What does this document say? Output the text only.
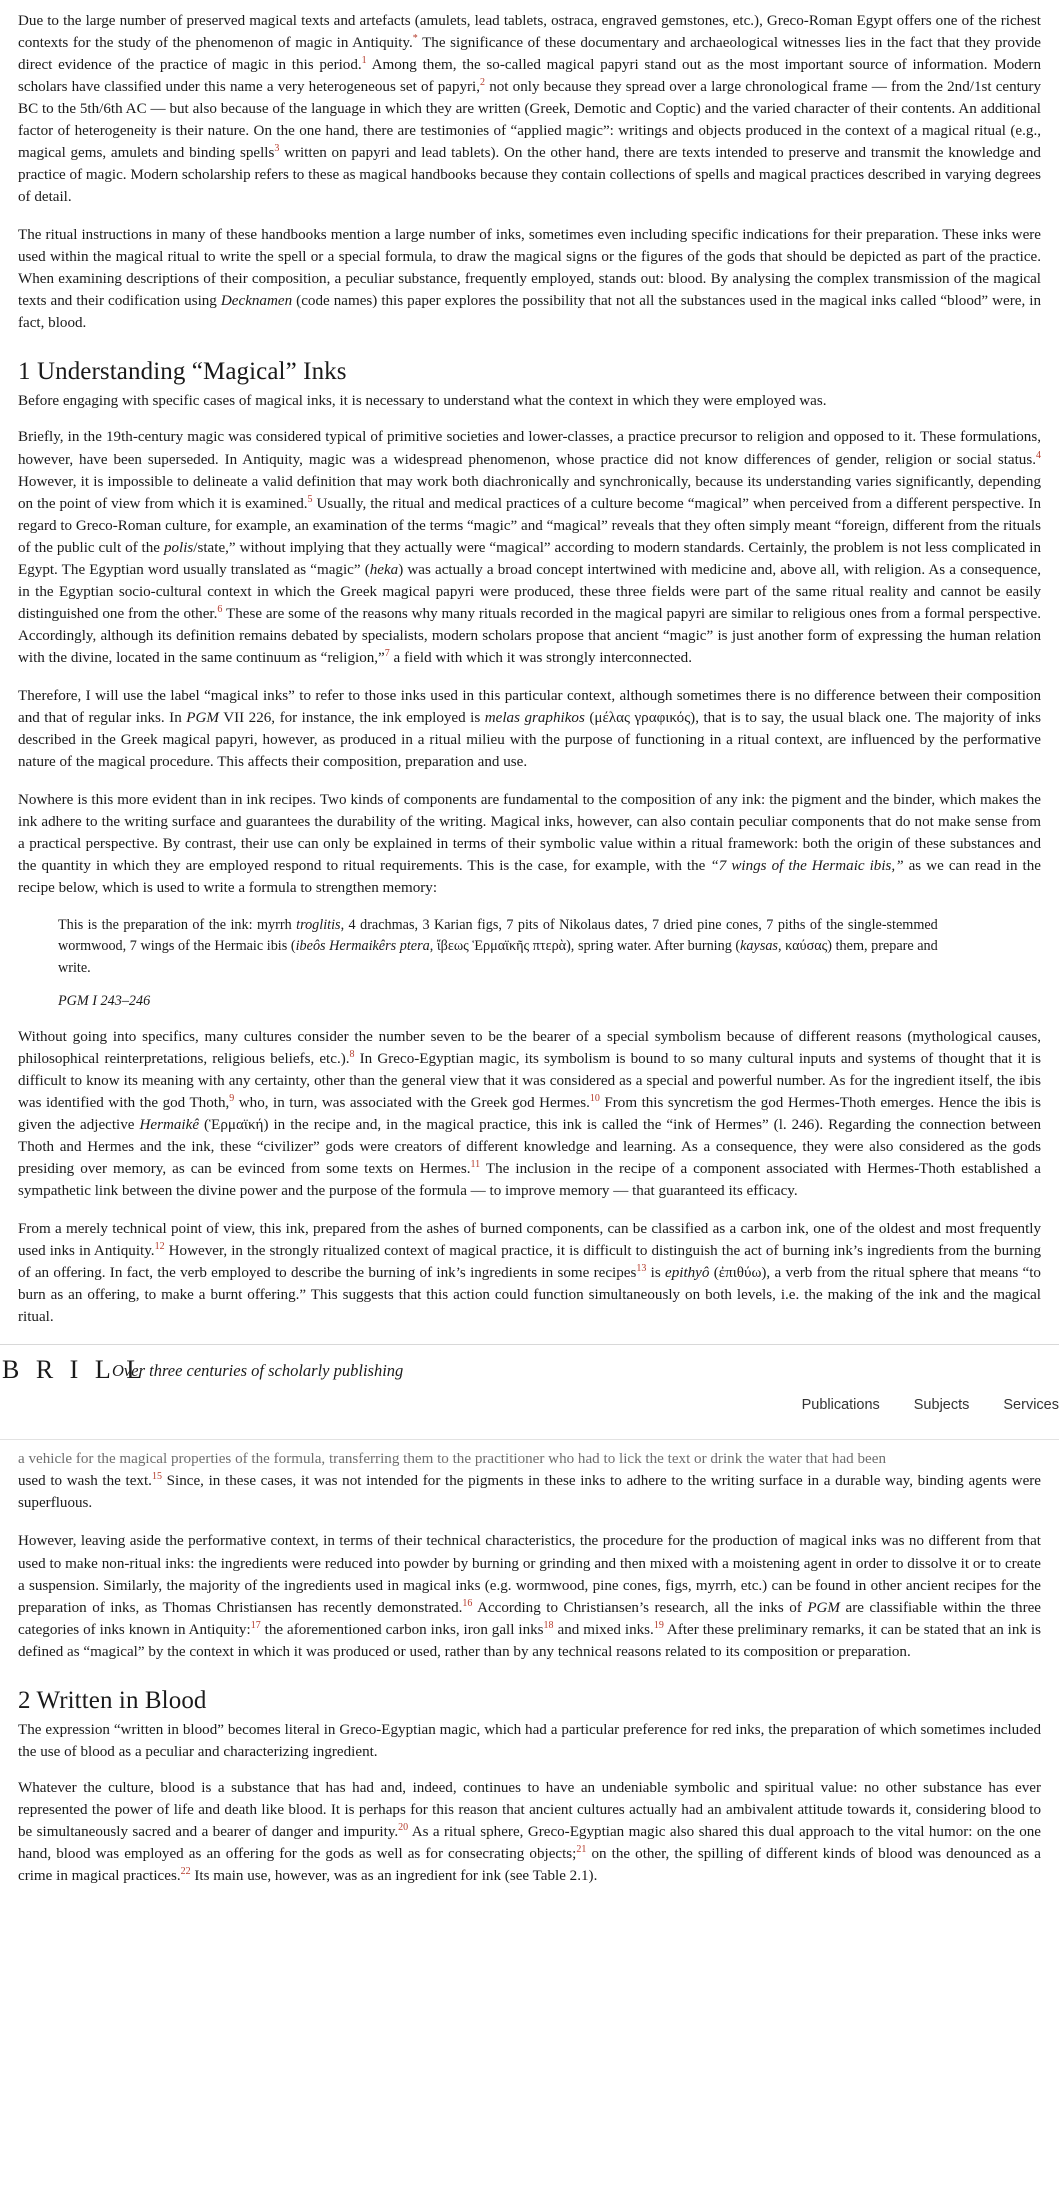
Due to the large number of preserved magical texts and artefacts (amulets, lead tablets, ostraca, engraved gemstones, etc.), Greco-Roman Egypt offers one of the richest contexts for the study of the phenomenon of magic in Antiquity.* The significance of these documentary and archaeological witnesses lies in the fact that they provide direct evidence of the practice of magic in this period.$^1$ Among them, the so-called magical papyri stand out as the most important source of information. Modern scholars have classified under this name a very heterogeneous set of papyri,$^2$ not only because they spread over a large chronological frame — from the 2nd/1st century BC to the 5th/6th AC — but also because of the language in which they are written (Greek, Demotic and Coptic) and the varied character of their contents. An additional factor of heterogeneity is their nature. On the one hand, there are testimonies of “applied magic”: writings and objects produced in the context of a magical ritual (e.g., magical gems, amulets and binding spells$^3$ written on papyri and lead tablets). On the other hand, there are texts intended to preserve and transmit the knowledge and practice of magic. Modern scholarship refers to these as magical handbooks because they contain collections of spells and magical practices described in varying degrees of detail.

The ritual instructions in many of these handbooks mention a large number of inks, sometimes even including specific indications for their preparation. These inks were used within the magical ritual to write the spell or a special formula, to draw the magical signs or the figures of the gods that should be depicted as part of the practice. When examining descriptions of their composition, a peculiar substance, frequently employed, stands out: blood. By analysing the complex transmission of the magical texts and their codification using Decknamen (code names) this paper explores the possibility that not all the substances used in the magical inks called “blood” were, in fact, blood.

1 Understanding “Magical” Inks

Before engaging with specific cases of magical inks, it is necessary to understand what the context in which they were employed was.

Briefly, in the 19th-century magic was considered typical of primitive societies and lower-classes, a practice precursor to religion and opposed to it. These formulations, however, have been superseded. In Antiquity, magic was a widespread phenomenon, whose practice did not know differences of gender, religion or social status.$^4$ However, it is impossible to delineate a valid definition that may work both diachronically and synchronically, because its understanding varies significantly, depending on the point of view from which it is examined.$^5$ Usually, the ritual and medical practices of a culture become “magical” when perceived from a different perspective. In regard to Greco-Roman culture, for example, an examination of the terms “magic” and “magical” reveals that they often simply meant “foreign, different from the rituals of the public cult of the polis/state,” without implying that they actually were “magical” according to modern standards. Certainly, the problem is not less complicated in Egypt. The Egyptian word usually translated as “magic” (heka) was actually a broad concept intertwined with medicine and, above all, with religion. As a consequence, in the Egyptian socio-cultural context in which the Greek magical papyri were produced, these three fields were part of the same ritual reality and cannot be easily distinguished one from the other.$^6$ These are some of the reasons why many rituals recorded in the magical papyri are similar to religious ones from a formal perspective. Accordingly, although its definition remains debated by specialists, modern scholars propose that ancient “magic” is just another form of expressing the human relation with the divine, located in the same continuum as “religion,”$^7$ a field with which it was strongly interconnected.

Therefore, I will use the label “magical inks” to refer to those inks used in this particular context, although sometimes there is no difference between their composition and that of regular inks. In PGM VII 226, for instance, the ink employed is melas graphikos (μέλας γραφικός), that is to say, the usual black one. The majority of inks described in the Greek magical papyri, however, as produced in a ritual milieu with the purpose of functioning in a ritual context, are influenced by the performative nature of the magical procedure. This affects their composition, preparation and use.

Nowhere is this more evident than in ink recipes. Two kinds of components are fundamental to the composition of any ink: the pigment and the binder, which makes the ink adhere to the writing surface and guarantees the durability of the writing. Magical inks, however, can also contain peculiar components that do not make sense from a practical perspective. By contrast, their use can only be explained in terms of their symbolic value within a ritual framework: both the origin of these substances and the quantity in which they are employed respond to ritual requirements. This is the case, for example, with the “7 wings of the Hermaic ibis,” as we can read in the recipe below, which is used to write a formula to strengthen memory:

This is the preparation of the ink: myrrh troglitis, 4 drachmas, 3 Karian figs, 7 pits of Nikolaus dates, 7 dried pine cones, 7 piths of the single-stemmed wormwood, 7 wings of the Hermaic ibis (ibeôs Hermaikêrs ptera, ἴβεως Ἑρμαϊκῆς πτερὰ), spring water. After burning (kaysas, καύσας) them, prepare and write.
PGM I 243–246

Without going into specifics, many cultures consider the number seven to be the bearer of a special symbolism because of different reasons (mythological causes, philosophical reinterpretations, religious beliefs, etc.).$^8$ In Greco-Egyptian magic, its symbolism is bound to so many cultural inputs and systems of thought that it is difficult to know its meaning with any certainty, other than the general view that it was considered as a special and powerful number. As for the ingredient itself, the ibis was identified with the god Thoth,$^9$ who, in turn, was associated with the Greek god Hermes.$^{10}$ From this syncretism the god Hermes-Thoth emerges. Hence the ibis is given the adjective Hermaikê (Ἑρμαϊκή) in the recipe and, in the magical practice, this ink is called the “ink of Hermes” (l. 246). Regarding the connection between Thoth and Hermes and the ink, these “civilizer” gods were creators of different knowledge and learning. As a consequence, they were also considered as the gods presiding over memory, as can be evinced from some texts on Hermes.$^{11}$ The inclusion in the recipe of a component associated with Hermes-Thoth established a sympathetic link between the divine power and the purpose of the formula — to improve memory — that guaranteed its efficacy.

From a merely technical point of view, this ink, prepared from the ashes of burned components, can be classified as a carbon ink, one of the oldest and most frequently used inks in Antiquity.$^{12}$ However, in the strongly ritualized context of magical practice, it is difficult to distinguish the act of burning ink’s ingredients from the burning of an offering. In fact, the verb employed to describe the burning of ink’s ingredients in some recipes$^{13}$ is epithyô (ἐπιθύω), a verb from the ritual sphere that means “to burn as an offering, to make a burnt offering.” This suggests that this action could function simultaneously on both levels, i.e. the making of the ink and the magical ritual.

B R I L L
Over three centuries of scholarly publishing
Publications Subjects Services

a vehicle for the magical properties of the formula, transferring them to the practitioner who had to lick the text or drink the water that had been

used to wash the text.$^{15}$ Since, in these cases, it was not intended for the pigments in these inks to adhere to the writing surface in a durable way, binding agents were superfluous.

However, leaving aside the performative context, in terms of their technical characteristics, the procedure for the production of magical inks was no different from that used to make non-ritual inks: the ingredients were reduced into powder by burning or grinding and then mixed with a moistening agent in order to dissolve it or to create a suspension. Similarly, the majority of the ingredients used in magical inks (e.g. wormwood, pine cones, figs, myrrh, etc.) can be found in other ancient recipes for the preparation of inks, as Thomas Christiansen has recently demonstrated.$^{16}$ According to Christiansen’s research, all the inks of PGM are classifiable within the three categories of inks known in Antiquity:$^{17}$ the aforementioned carbon inks, iron gall inks$^{18}$ and mixed inks.$^{19}$ After these preliminary remarks, it can be stated that an ink is defined as “magical” by the context in which it was produced or used, rather than by any technical reasons related to its composition or preparation.

2 Written in Blood

The expression “written in blood” becomes literal in Greco-Egyptian magic, which had a particular preference for red inks, the preparation of which sometimes included the use of blood as a peculiar and characterizing ingredient.

Whatever the culture, blood is a substance that has had and, indeed, continues to have an undeniable symbolic and spiritual value: no other substance has ever represented the power of life and death like blood. It is perhaps for this reason that ancient cultures actually had an ambivalent attitude towards it, considering blood to be simultaneously sacred and a bearer of danger and impurity.$^{20}$ As a ritual sphere, Greco-Egyptian magic also shared this dual approach to the vital humor: on the one hand, blood was employed as an offering for the gods as well as for consecrating objects;$^{21}$ on the other, the spilling of different kinds of blood was denounced as a crime in magical practices.$^{22}$ Its main use, however, was as an ingredient for ink (see Table 2.1).
